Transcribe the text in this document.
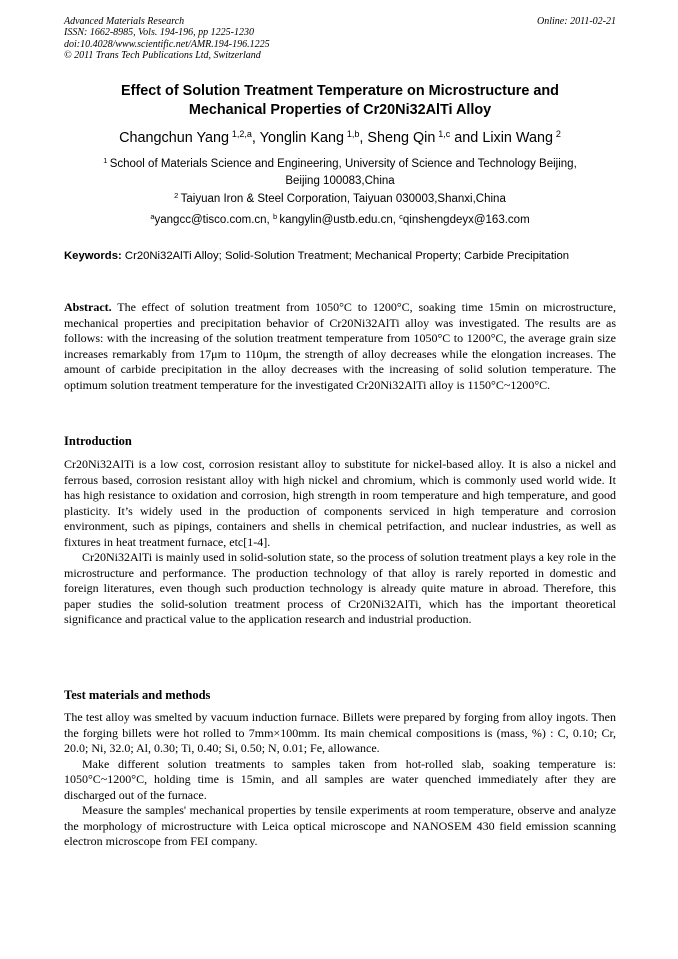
Advanced Materials Research
ISSN: 1662-8985, Vols. 194-196, pp 1225-1230
doi:10.4028/www.scientific.net/AMR.194-196.1225
© 2011 Trans Tech Publications Ltd, Switzerland
Online: 2011-02-21
Effect of Solution Treatment Temperature on Microstructure and
Mechanical Properties of Cr20Ni32AlTi Alloy
Changchun Yang  $^{1,2,a}$, Yonglin Kang  $^{1,b}$, Sheng Qin  $^{1,c}$ and Lixin Wang  $^2$
$^1$  School of Materials Science and Engineering, University of Science and Technology Beijing,
Beijing 100083,China
$^2$  Taiyuan Iron & Steel Corporation, Taiyuan 030003,Shanxi,China
$^a$yangcc@tisco.com.cn, $^b$  kangylin@ustb.edu.cn, $^c$qinshengdeyx@163.com
Keywords: Cr20Ni32AlTi Alloy; Solid-Solution Treatment; Mechanical Property; Carbide Precipitation

Abstract. The effect of solution treatment from 1050°C to 1200°C, soaking time 15min on microstructure, mechanical properties and precipitation behavior of Cr20Ni32AlTi alloy was investigated. The results are as follows: with the increasing of the solution treatment temperature from 1050°C to 1200°C, the average grain size increases remarkably from 17μm to 110μm, the strength of alloy decreases while the elongation increases. The amount of carbide precipitation in the alloy decreases with the increasing of solid solution temperature. The optimum solution treatment temperature for the investigated Cr20Ni32AlTi alloy is 1150°C~1200°C.

Introduction

Cr20Ni32AlTi is a low cost, corrosion resistant alloy to substitute for nickel-based alloy. It is also a nickel and ferrous based, corrosion resistant alloy with high nickel and chromium, which is commonly used world wide. It has high resistance to oxidation and corrosion, high strength in room temperature and high temperature, and good plasticity. It’s widely used in the production of components serviced in high temperature and corrosion environment, such as pipings, containers and shells in chemical petrifaction, and nuclear industries, as well as fixtures in heat treatment furnace, etc[1-4].

Cr20Ni32AlTi is mainly used in solid-solution state, so the process of solution treatment plays a key role in the microstructure and performance. The production technology of that alloy is rarely reported in domestic and foreign literatures, even though such production technology is already quite mature in abroad. Therefore, this paper studies the solid-solution treatment process of Cr20Ni32AlTi, which has the important theoretical significance and practical value to the application research and industrial production.

Test materials and methods

The test alloy was smelted by vacuum induction furnace. Billets were prepared by forging from alloy ingots. Then the forging billets were hot rolled to 7mm×100mm. Its main chemical compositions is (mass, %) : C, 0.10; Cr, 20.0; Ni, 32.0; Al, 0.30; Ti, 0.40; Si, 0.50; N, 0.01; Fe, allowance.

Make different solution treatments to samples taken from hot-rolled slab, soaking temperature is: 1050°C~1200°C, holding time is 15min, and all samples are water quenched immediately after they are discharged out of the furnace.

Measure the samples' mechanical properties by tensile experiments at room temperature, observe and analyze the morphology of microstructure with Leica optical microscope and NANOSEM 430 field emission scanning electron microscope from FEI company.
